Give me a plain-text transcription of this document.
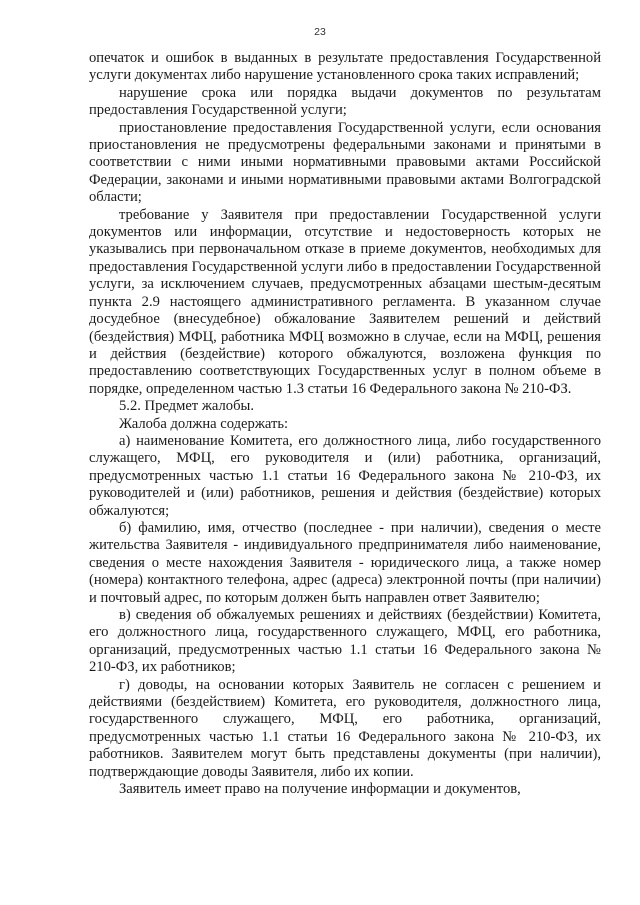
23

опечаток и ошибок в выданных в результате предоставления Государственной услуги документах либо нарушение установленного срока таких исправлений;

нарушение срока или порядка выдачи документов по результатам предоставления Государственной услуги;

приостановление предоставления Государственной услуги, если основания приостановления не предусмотрены федеральными законами и принятыми в соответствии с ними иными нормативными правовыми актами Российской Федерации, законами и иными нормативными правовыми актами Волгоградской области;

требование у Заявителя при предоставлении Государственной услуги документов или информации, отсутствие и недостоверность которых не указывались при первоначальном отказе в приеме документов, необходимых для предоставления Государственной услуги либо в предоставлении Государственной услуги, за исключением случаев, предусмотренных абзацами шестым-десятым пункта 2.9 настоящего административного регламента. В указанном случае досудебное (внесудебное) обжалование Заявителем решений и действий (бездействия) МФЦ, работника МФЦ возможно в случае, если на МФЦ, решения и действия (бездействие) которого обжалуются, возложена функция по предоставлению соответствующих Государственных услуг в полном объеме в порядке, определенном частью 1.3 статьи 16 Федерального закона № 210-ФЗ.

5.2. Предмет жалобы.

Жалоба должна содержать:

а) наименование Комитета, его должностного лица, либо государственного служащего, МФЦ, его руководителя и (или) работника, организаций, предусмотренных частью 1.1 статьи 16 Федерального закона № 210-ФЗ, их руководителей и (или) работников, решения и действия (бездействие) которых обжалуются;

б) фамилию, имя, отчество (последнее - при наличии), сведения о месте жительства Заявителя - индивидуального предпринимателя либо наименование, сведения о месте нахождения Заявителя - юридического лица, а также номер (номера) контактного телефона, адрес (адреса) электронной почты (при наличии) и почтовый адрес, по которым должен быть направлен ответ Заявителю;

в) сведения об обжалуемых решениях и действиях (бездействии) Комитета, его должностного лица, государственного служащего, МФЦ, его работника, организаций, предусмотренных частью 1.1 статьи 16 Федерального закона № 210-ФЗ, их работников;

г) доводы, на основании которых Заявитель не согласен с решением и действиями (бездействием) Комитета, его руководителя, должностного лица, государственного служащего, МФЦ, его работника, организаций, предусмотренных частью 1.1 статьи 16 Федерального закона № 210-ФЗ, их работников. Заявителем могут быть представлены документы (при наличии), подтверждающие доводы Заявителя, либо их копии.

Заявитель имеет право на получение информации и документов,
